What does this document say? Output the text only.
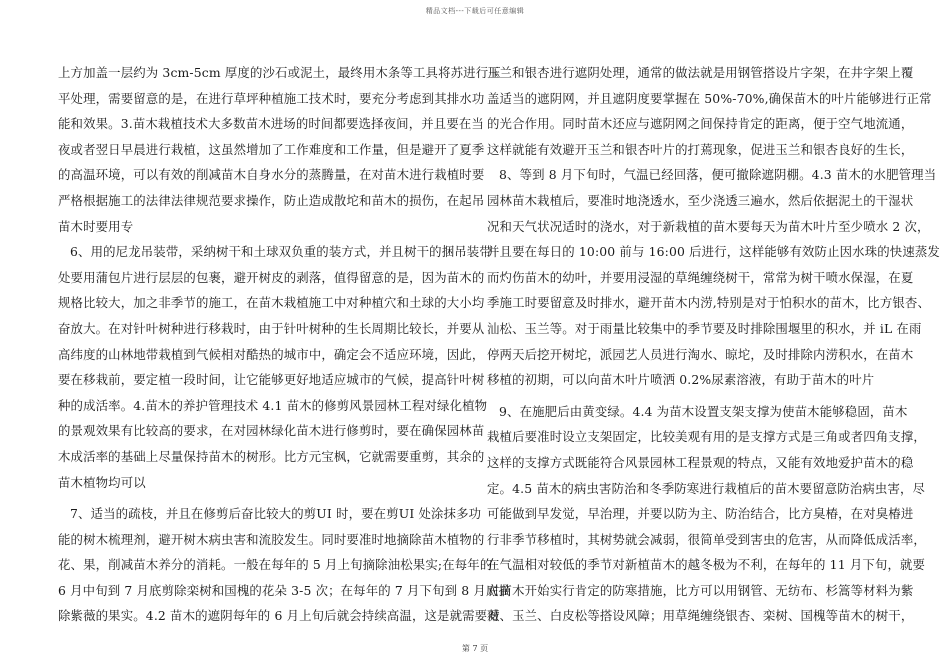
精品文档---下载后可任意编辑
上方加盖一层约为 3cm-5cm 厚度的沙石或泥土，最终用木条等工具将苏进行压
平处理，需要留意的是，在进行草坪种植施工技术时，要充分考虑到其排水功
能和效果。3.苗木栽植技术大多数苗木进场的时间都要选择夜间，并且要在当
夜或者翌日早晨进行栽植，这虽然增加了工作难度和工作量，但是避开了夏季
的高温环境，可以有效的削减苗木自身水分的蒸腾量，在对苗木进行栽植时要
严格根据施工的法律法律规范要求操作，防止造成散坨和苗木的损伤，在起吊
苗木时要用专
6、用的尼龙吊装带，采纳树干和土球双负重的装方式，并且树干的捆吊装带
处要用蒲包片进行层层的包裹，避开树皮的剥落，值得留意的是，因为苗木的
规格比较大，加之非季节的施工，在苗木栽植施工中对种植穴和土球的大小均
奋放大。在对针叶树种进行移栽时，由于针叶树种的生长周期比较长，并要从
高纬度的山林地带栽植到气候相对酷热的城市中，确定会不适应环境，因此，
要在移栽前，要定植一段时间，让它能够更好地适应城市的气候，提高针叶树
种的成活率。4.苗木的养护管理技术 4.1 苗木的修剪风景园林工程对绿化植物
的景观效果有比较高的要求，在对园林绿化苗木进行修剪时，要在确保园林苗
木成活率的基础上尽量保持苗木的树形。比方元宝枫，它就需要重剪，其余的
苗木植物均可以
7、适当的疏枝，并且在修剪后奋比较大的剪UI 时，要在剪UI 处涂抹多功
能的树木梳理剂，避开树木病虫害和流胶发生。同时要准时地摘除苗木植物的
花、果，削减苗木养分的消耗。一般在每年的 5 月上旬摘除油松果实;在每年的
6 月中旬到 7 月底剪除栾树和国槐的花朵 3-5 次；在每年的 7 月下旬到 8 月底摘
除紫薇的果实。4.2 苗木的遮阴每年的 6 月上旬后就会持续高温，这是就需要对
玉兰和银杏进行遮阴处理，通常的做法就是用钢管搭设片字架，在井字架上覆
盖适当的遮阴网，并且遮阴度要掌握在 50%-70%,确保苗木的叶片能够进行正常
的光合作用。同时苗木还应与遮阴网之间保持肯定的距离，便于空气地流通，
这样就能有效避开玉兰和银杏叶片的打蔫现象，促进玉兰和银杏良好的生长，
8、等到 8 月下旬时，气温已经回落，便可撤除遮阴棚。4.3 苗木的水肥管理当
园林苗木栽植后，要准时地浇透水，至少浇透三遍水，然后依据泥土的干湿状
况和天气状况适时的浇水，对于新栽植的苗木要每天为苗木叶片至少喷水 2 次，
并且要在每日的 10:00 前与 16:00 后进行，这样能够有效防止因水珠的快速蒸发
而灼伤苗木的幼叶，并要用浸湿的草绳缠绕树干，常常为树干喷水保湿，在夏
季施工时要留意及时排水，避开苗木内涝,特别是对于怕积水的苗木，比方银杏、
汕松、玉兰等。对于雨量比较集中的季节要及时排除围堰里的积水，并 iL 在雨
停两天后挖开树坨，派园艺人员进行淘水、晾坨，及时排除内涝积水，在苗木
移植的初期，可以向苗木叶片喷洒 0.2%尿素溶液，有助于苗木的叶片
9、在施肥后由黄变绿。4.4 为苗木设置支架支撑为使苗木能够稳固，苗木
栽植后要准时设立支架固定，比较美观有用的是支撑方式是三角或者四角支撑，
这样的支撑方式既能符合风景园林工程景观的特点，又能有效地爱护苗木的稳
定。4.5 苗木的病虫害防治和冬季防寒进行栽植后的苗木要留意防治病虫害，尽
可能做到早发觉，早治理，并要以防为主、防治结合，比方臭椿，在对臭椿进
行非季节移植时，其树势就会减弱，很简单受到害虫的危害，从而降低成活率，
在气温相对较低的季节对新植苗木的越冬极为不利，在每年的 11 月下旬，就要
对苗木开始实行肯定的防寒措施，比方可以用钢管、无纺布、杉篙等材料为紫
薇、玉兰、白皮松等搭设风障；用草绳缠绕银杏、栾树、国槐等苗木的树干，
第 7 页
